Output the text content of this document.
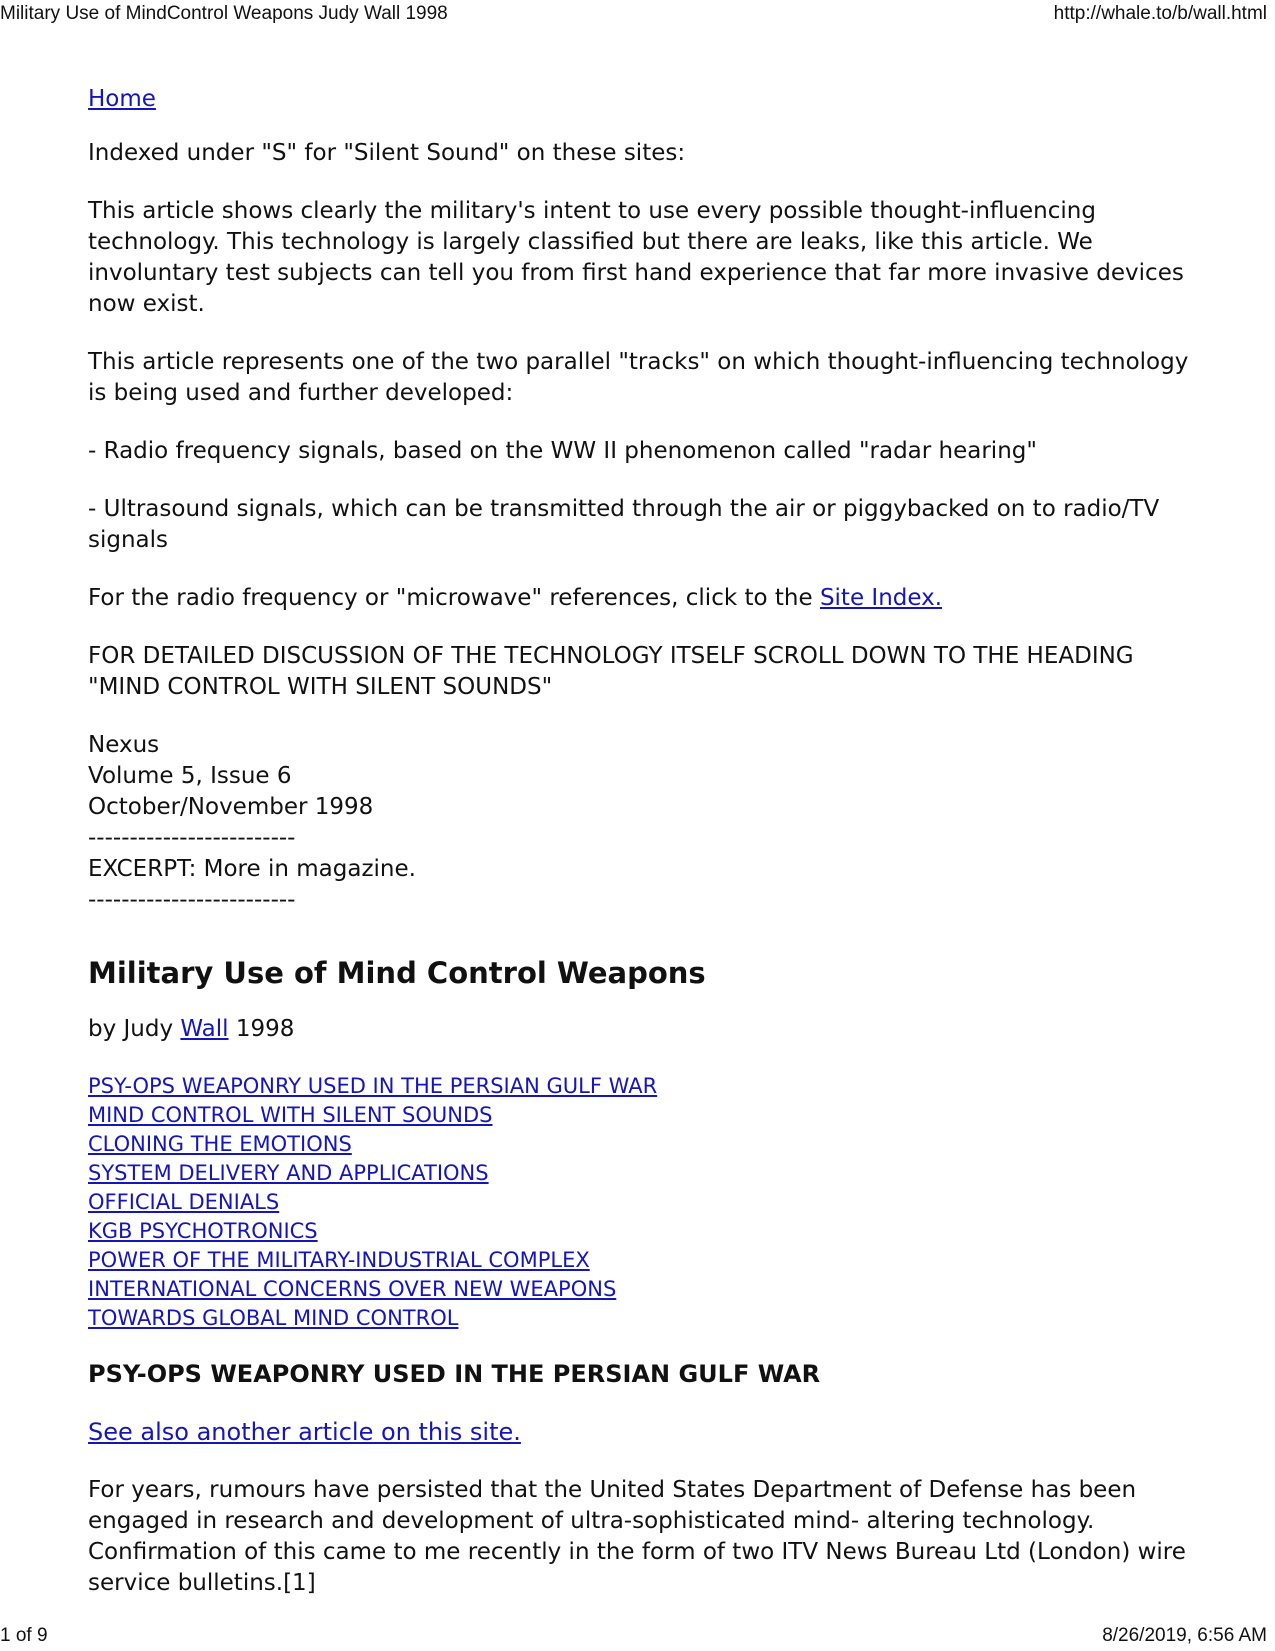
Military Use of MindControl Weapons Judy Wall 1998	http://whale.to/b/wall.html

Home

Indexed under "S" for "Silent Sound" on these sites:

This article shows clearly the military's intent to use every possible thought-influencing technology. This technology is largely classified but there are leaks, like this article. We involuntary test subjects can tell you from first hand experience that far more invasive devices now exist.

This article represents one of the two parallel "tracks" on which thought-influencing technology is being used and further developed:

- Radio frequency signals, based on the WW II phenomenon called "radar hearing"

- Ultrasound signals, which can be transmitted through the air or piggybacked on to radio/TV signals

For the radio frequency or "microwave" references, click to the Site Index.

FOR DETAILED DISCUSSION OF THE TECHNOLOGY ITSELF SCROLL DOWN TO THE HEADING "MIND CONTROL WITH SILENT SOUNDS"

Nexus
Volume 5, Issue 6
October/November 1998
-------------------------
EXCERPT: More in magazine.
-------------------------
Military Use of Mind Control Weapons

by Judy Wall 1998

PSY-OPS WEAPONRY USED IN THE PERSIAN GULF WAR
MIND CONTROL WITH SILENT SOUNDS
CLONING THE EMOTIONS
SYSTEM DELIVERY AND APPLICATIONS
OFFICIAL DENIALS
KGB PSYCHOTRONICS
POWER OF THE MILITARY-INDUSTRIAL COMPLEX
INTERNATIONAL CONCERNS OVER NEW WEAPONS
TOWARDS GLOBAL MIND CONTROL
PSY-OPS WEAPONRY USED IN THE PERSIAN GULF WAR

See also another article on this site.

For years, rumours have persisted that the United States Department of Defense has been engaged in research and development of ultra-sophisticated mind- altering technology. Confirmation of this came to me recently in the form of two ITV News Bureau Ltd (London) wire service bulletins.[1]

1 of 9	8/26/2019, 6:56 AM
